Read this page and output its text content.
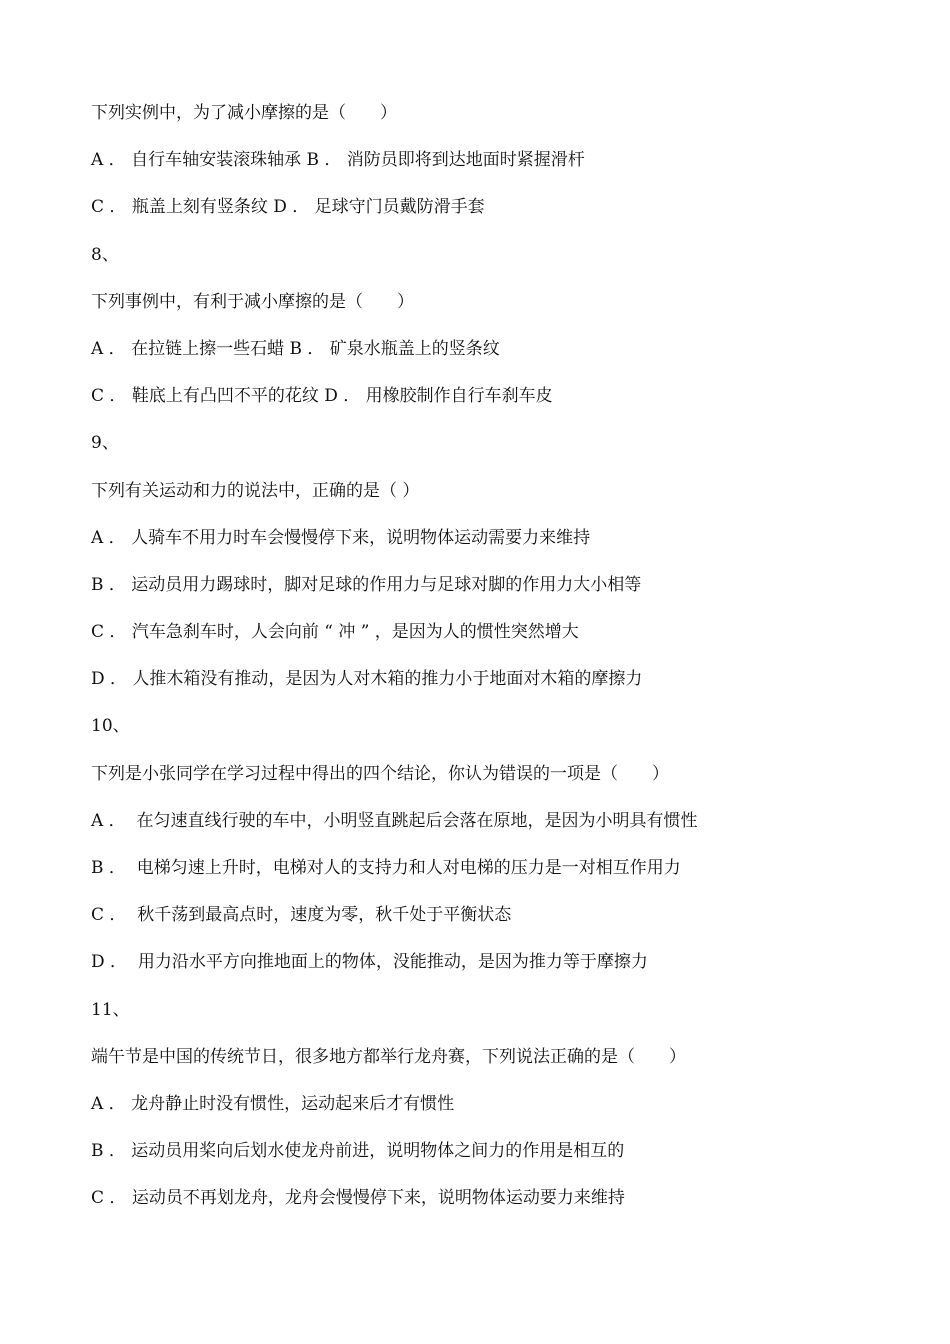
下列实例中，为了减小摩擦的是（　　）

A ． 自行车轴安装滚珠轴承 B ． 消防员即将到达地面时紧握滑杆

C ． 瓶盖上刻有竖条纹 D ． 足球守门员戴防滑手套

8、

下列事例中，有利于减小摩擦的是（　　）

A ． 在拉链上擦一些石蜡 B ． 矿泉水瓶盖上的竖条纹

C ． 鞋底上有凸凹不平的花纹 D ． 用橡胶制作自行车刹车皮

9、

下列有关运动和力的说法中，正确的是（ ）

A ． 人骑车不用力时车会慢慢停下来，说明物体运动需要力来维持

B ． 运动员用力踢球时，脚对足球的作用力与足球对脚的作用力大小相等

C ． 汽车急刹车时，人会向前 “ 冲 ” ，是因为人的惯性突然增大

D ． 人推木箱没有推动，是因为人对木箱的推力小于地面对木箱的摩擦力

10、

下列是小张同学在学习过程中得出的四个结论，你认为错误的一项是（　　）

A ．  在匀速直线行驶的车中，小明竖直跳起后会落在原地，是因为小明具有惯性

B ．  电梯匀速上升时，电梯对人的支持力和人对电梯的压力是一对相互作用力

C ．  秋千荡到最高点时，速度为零，秋千处于平衡状态

D ．  用力沿水平方向推地面上的物体，没能推动，是因为推力等于摩擦力

11、

端午节是中国的传统节日，很多地方都举行龙舟赛，下列说法正确的是（　　）

A ． 龙舟静止时没有惯性，运动起来后才有惯性

B ． 运动员用桨向后划水使龙舟前进，说明物体之间力的作用是相互的

C ． 运动员不再划龙舟，龙舟会慢慢停下来，说明物体运动要力来维持
